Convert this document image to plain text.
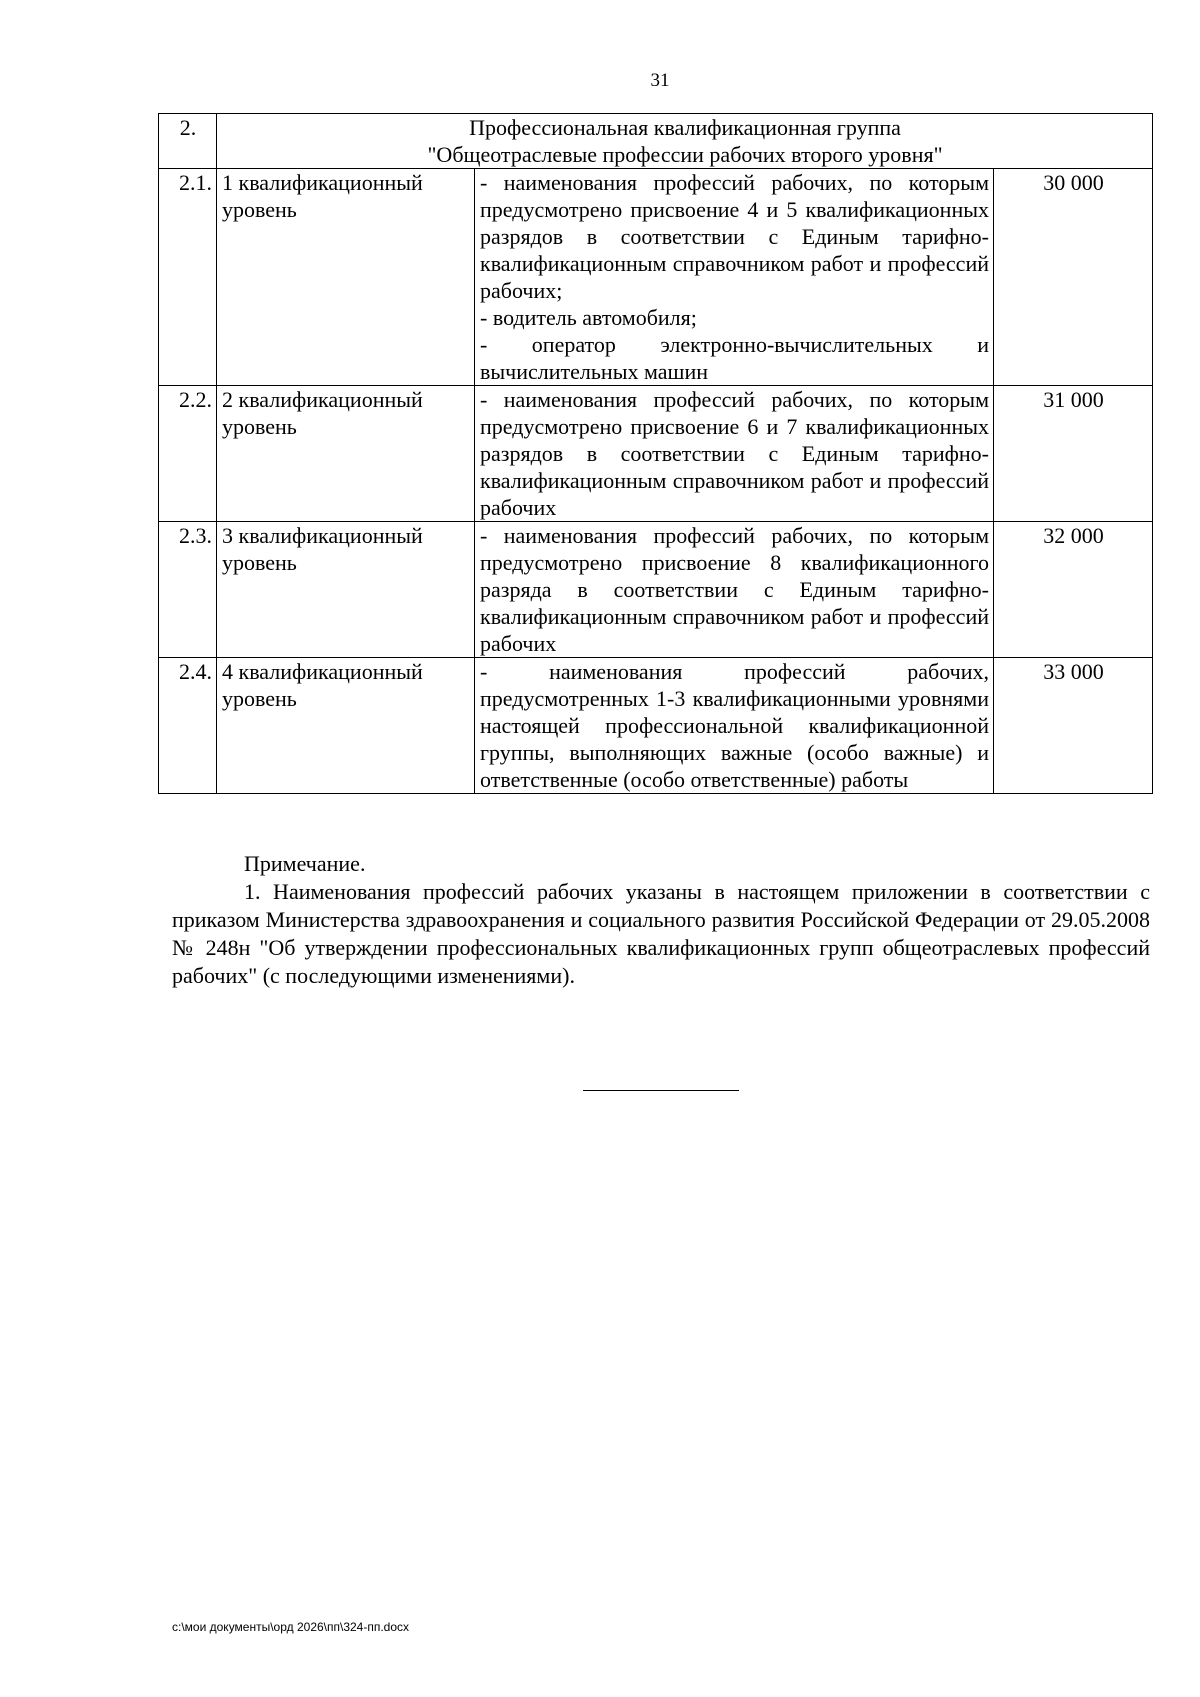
31
2.	Профессиональная квалификационная группа
"Общеотраслевые профессии рабочих второго уровня"		

2.1.	1 квалификационный уровень	- наименования профессий рабочих, по которым предусмотрено присвоение 4 и 5 квалификационных разрядов в соответствии с Единым тарифно-квалификационным справочником работ и профессий рабочих;
- водитель автомобиля;
- оператор электронно-вычислительных и вычислительных машин	30 000
2.2.	2 квалификационный уровень	- наименования профессий рабочих, по которым предусмотрено присвоение 6 и 7 квалификационных разрядов в соответствии с Единым тарифно-квалификационным справочником работ и профессий рабочих	31 000
2.3.	3 квалификационный уровень	- наименования профессий рабочих, по которым предусмотрено присвоение 8 квалификационного разряда в соответствии с Единым тарифно-квалификационным справочником работ и профессий рабочих	32 000
2.4.	4 квалификационный уровень	- наименования профессий рабочих, предусмотренных 1-3 квалификационными уровнями настоящей профессиональной квалификационной группы, выполняющих важные (особо важные) и ответственные (особо ответственные) работы	33 000
Примечание.
1. Наименования профессий рабочих указаны в настоящем приложении в соответствии с приказом Министерства здравоохранения и социального развития Российской Федерации от 29.05.2008 № 248н "Об утверждении профессиональных квалификационных групп общеотраслевых профессий рабочих" (с последующими изменениями).
c:\мои документы\орд 2026\пп\324-пп.docx
